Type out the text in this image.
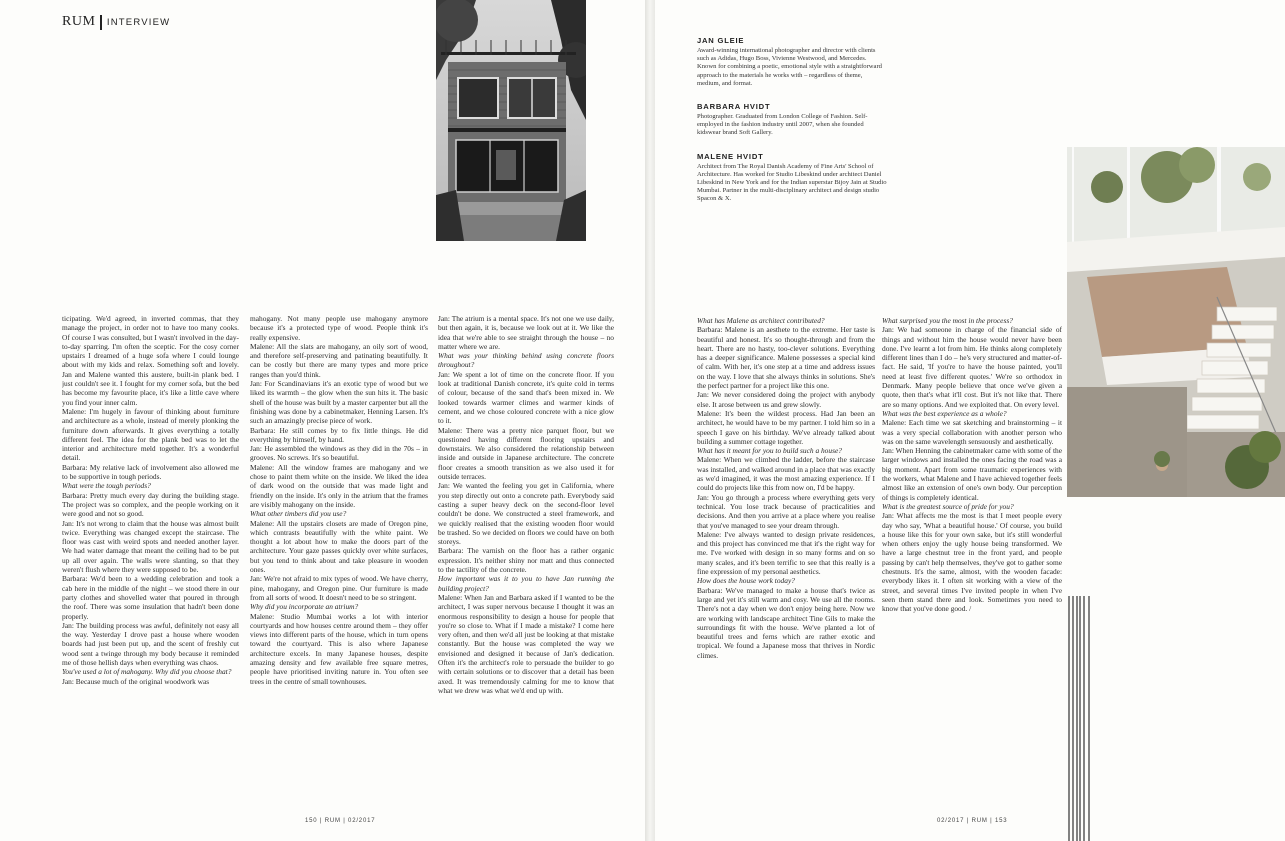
RUM INTERVIEW

ticipating. We'd agreed, in inverted commas, that they manage the project, in order not to have too many cooks. Of course I was consulted, but I wasn't involved in the day-to-day sparring. I'm often the sceptic. For the cosy corner upstairs I dreamed of a huge sofa where I could lounge about with my kids and relax. Something soft and lovely. Jan and Malene wanted this austere, built-in plank bed. I just couldn't see it. I fought for my corner sofa, but the bed has become my favourite place, it's like a little cave where you find your inner calm.

Malene: I'm hugely in favour of thinking about furniture and architecture as a whole, instead of merely plonking the furniture down afterwards. It gives everything a totally different feel. The idea for the plank bed was to let the interior and architecture meld together. It's a wonderful detail.

Barbara: My relative lack of involvement also allowed me to be supportive in tough periods.

What were the tough periods?

Barbara: Pretty much every day during the building stage. The project was so complex, and the people working on it were good and not so good.

Jan: It's not wrong to claim that the house was almost built twice. Everything was changed except the staircase. The floor was cast with weird spots and needed another layer. We had water damage that meant the ceiling had to be put up all over again. The walls were slanting, so that they weren't flush where they were supposed to be.

Barbara: We'd been to a wedding celebration and took a cab here in the middle of the night – we stood there in our party clothes and shovelled water that poured in through the roof. There was some insulation that hadn't been done properly.

Jan: The building process was awful, definitely not easy all the way. Yesterday I drove past a house where wooden boards had just been put up, and the scent of freshly cut wood sent a twinge through my body because it reminded me of those hellish days when everything was chaos.

You've used a lot of mahogany. Why did you choose that?

Jan: Because much of the original woodwork was

mahogany. Not many people use mahogany anymore because it's a protected type of wood. People think it's really expensive.

Malene: All the slats are mahogany, an oily sort of wood, and therefore self-preserving and patinating beautifully. It can be costly but there are many types and more price ranges than you'd think.

Jan: For Scandinavians it's an exotic type of wood but we liked its warmth – the glow when the sun hits it. The basic shell of the house was built by a master carpenter but all the finishing was done by a cabinetmaker, Henning Larsen. It's such an amazingly precise piece of work.

Barbara: He still comes by to fix little things. He did everything by himself, by hand.

Jan: He assembled the windows as they did in the 70s – in grooves. No screws. It's so beautiful.

Malene: All the window frames are mahogany and we chose to paint them white on the inside. We liked the idea of dark wood on the outside that was made light and friendly on the inside. It's only in the atrium that the frames are visibly mahogany on the inside.

What other timbers did you use?

Malene: All the upstairs closets are made of Oregon pine, which contrasts beautifully with the white paint. We thought a lot about how to make the doors part of the architecture. Your gaze passes quickly over white surfaces, but you tend to think about and take pleasure in wooden ones.

Jan: We're not afraid to mix types of wood. We have cherry, pine, mahogany, and Oregon pine. Our furniture is made from all sorts of wood. It doesn't need to be so stringent.

Why did you incorporate an atrium?

Malene: Studio Mumbai works a lot with interior courtyards and how houses centre around them – they offer views into different parts of the house, which in turn opens toward the courtyard. This is also where Japanese architecture excels. In many Japanese houses, despite amazing density and few available free square metres, people have prioritised inviting nature in. You often see trees in the centre of small townhouses.

Jan: The atrium is a mental space. It's not one we use daily, but then again, it is, because we look out at it. We like the idea that we're able to see straight through the house – no matter where we are.

What was your thinking behind using concrete floors throughout?

Jan: We spent a lot of time on the concrete floor. If you look at traditional Danish concrete, it's quite cold in terms of colour, because of the sand that's been mixed in. We looked towards warmer climes and warmer kinds of cement, and we chose coloured concrete with a nice glow to it.

Malene: There was a pretty nice parquet floor, but we questioned having different flooring upstairs and downstairs. We also considered the relationship between inside and outside in Japanese architecture. The concrete floor creates a smooth transition as we also used it for outside terraces.

Jan: We wanted the feeling you get in California, where you step directly out onto a concrete path. Everybody said casting a super heavy deck on the second-floor level couldn't be done. We constructed a steel framework, and we quickly realised that the existing wooden floor would be trashed. So we decided on floors we could have on both storeys.

Barbara: The varnish on the floor has a rather organic expression. It's neither shiny nor matt and thus connected to the tactility of the concrete.

How important was it to you to have Jan running the building project?

Malene: When Jan and Barbara asked if I wanted to be the architect, I was super nervous because I thought it was an enormous responsibility to design a house for people that you're so close to. What if I made a mistake? I come here very often, and then we'd all just be looking at that mistake constantly. But the house was completed the way we envisioned and designed it because of Jan's dedication. Often it's the architect's role to persuade the builder to go with certain solutions or to discover that a detail has been axed. It was tremendously calming for me to know that what we drew was what we'd end up with.

150 | RUM | 02/2017
JAN GLEIE
Award-winning international photographer and director with clients such as Adidas, Hugo Boss, Vivienne Westwood, and Mercedes. Known for combining a poetic, emotional style with a straightforward approach to the materials he works with – regardless of theme, medium, and format.
BARBARA HVIDT
Photographer. Graduated from London College of Fashion. Self-employed in the fashion industry until 2007, when she founded kidswear brand Soft Gallery.
MALENE HVIDT
Architect from The Royal Danish Academy of Fine Arts' School of Architecture. Has worked for Studio Libeskind under architect Daniel Libeskind in New York and for the Indian superstar Bijoy Jain at Studio Mumbai. Partner in the multi-disciplinary architect and design studio Spacon & X.

What has Malene as architect contributed?

Barbara: Malene is an aesthete to the extreme. Her taste is beautiful and honest. It's so thought-through and from the heart. There are no hasty, too-clever solutions. Everything has a deeper significance. Malene possesses a special kind of calm. With her, it's one step at a time and address issues on the way. I love that she always thinks in solutions. She's the perfect partner for a project like this one.

Jan: We never considered doing the project with anybody else. It arose between us and grew slowly.

Malene: It's been the wildest process. Had Jan been an architect, he would have to be my partner. I told him so in a speech I gave on his birthday. We've already talked about building a summer cottage together.

What has it meant for you to build such a house?

Malene: When we climbed the ladder, before the staircase was installed, and walked around in a place that was exactly as we'd imagined, it was the most amazing experience. If I could do projects like this from now on, I'd be happy.

Jan: You go through a process where everything gets very technical. You lose track because of practicalities and decisions. And then you arrive at a place where you realise that you've managed to see your dream through.

Malene: I've always wanted to design private residences, and this project has convinced me that it's the right way for me. I've worked with design in so many forms and on so many scales, and it's been terrific to see that this really is a fine expression of my personal aesthetics.

How does the house work today?

Barbara: We've managed to make a house that's twice as large and yet it's still warm and cosy. We use all the rooms. There's not a day when we don't enjoy being here. Now we are working with landscape architect Tine Gils to make the surroundings fit with the house. We've planted a lot of beautiful trees and ferns which are rather exotic and tropical. We found a Japanese moss that thrives in Nordic climes.

What surprised you the most in the process?

Jan: We had someone in charge of the financial side of things and without him the house would never have been done. I've learnt a lot from him. He thinks along completely different lines than I do – he's very structured and matter-of-fact. He said, 'If you're to have the house painted, you'll need at least five different quotes.' We're so orthodox in Denmark. Many people believe that once we've given a quote, then that's what it'll cost. But it's not like that. There are so many options. And we exploited that. On every level.

What was the best experience as a whole?

Malene: Each time we sat sketching and brainstorming – it was a very special collaboration with another person who was on the same wavelength sensuously and aesthetically.

Jan: When Henning the cabinetmaker came with some of the larger windows and installed the ones facing the road was a big moment. Apart from some traumatic experiences with the workers, what Malene and I have achieved together feels almost like an extension of one's own body. Our perception of things is completely identical.

What is the greatest source of pride for you?

Jan: What affects me the most is that I meet people every day who say, 'What a beautiful house.' Of course, you build a house like this for your own sake, but it's still wonderful when others enjoy the ugly house being transformed. We have a large chestnut tree in the front yard, and people passing by can't help themselves, they've got to gather some chestnuts. It's the same, almost, with the wooden facade: everybody likes it. I often sit working with a view of the street, and several times I've invited people in when I've seen them stand there and look. Sometimes you need to know that you've done good. /

02/2017 | RUM | 153
